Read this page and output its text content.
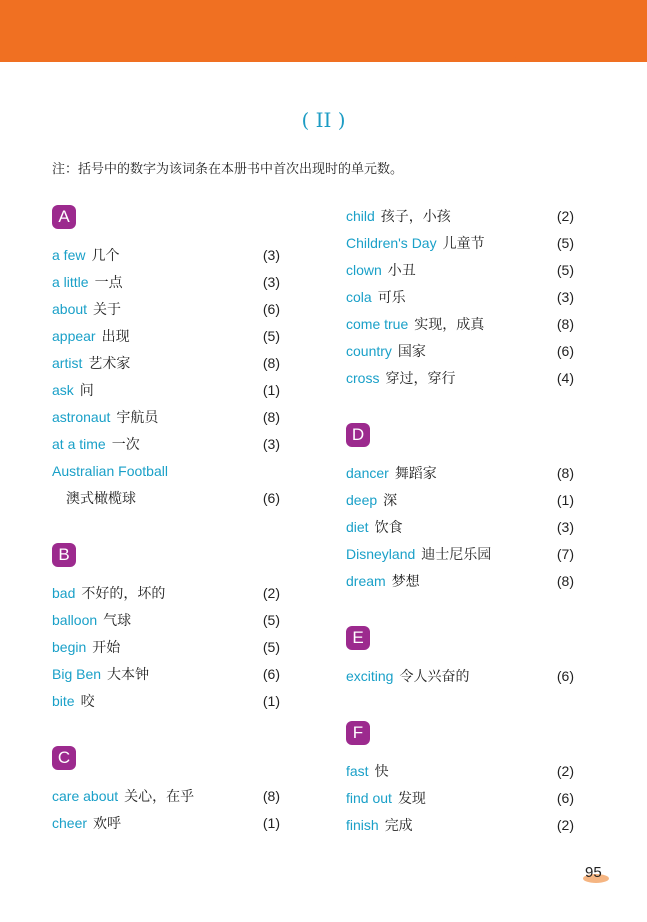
( II )
注：括号中的数字为该词条在本册书中首次出现时的单元数。
A
a few 几个	(3)
a little 一点	(3)
about 关于	(6)
appear 出现	(5)
artist 艺术家	(8)
ask 问	(1)
astronaut 宇航员	(8)
at a time 一次	(3)
Australian Football
澳式橄榄球	(6)
B
bad 不好的，坏的	(2)
balloon 气球	(5)
begin 开始	(5)
Big Ben 大本钟	(6)
bite 咬	(1)
C
care about 关心，在乎	(8)
cheer 欢呼	(1)
child 孩子，小孩	(2)
Children's Day 儿童节	(5)
clown 小丑	(5)
cola 可乐	(3)
come true 实现，成真	(8)
country 国家	(6)
cross 穿过，穿行	(4)
D
dancer 舞蹈家	(8)
deep 深	(1)
diet 饮食	(3)
Disneyland 迪士尼乐园	(7)
dream 梦想	(8)
E
exciting 令人兴奋的	(6)
F
fast 快	(2)
find out 发现	(6)
finish 完成	(2)
95
